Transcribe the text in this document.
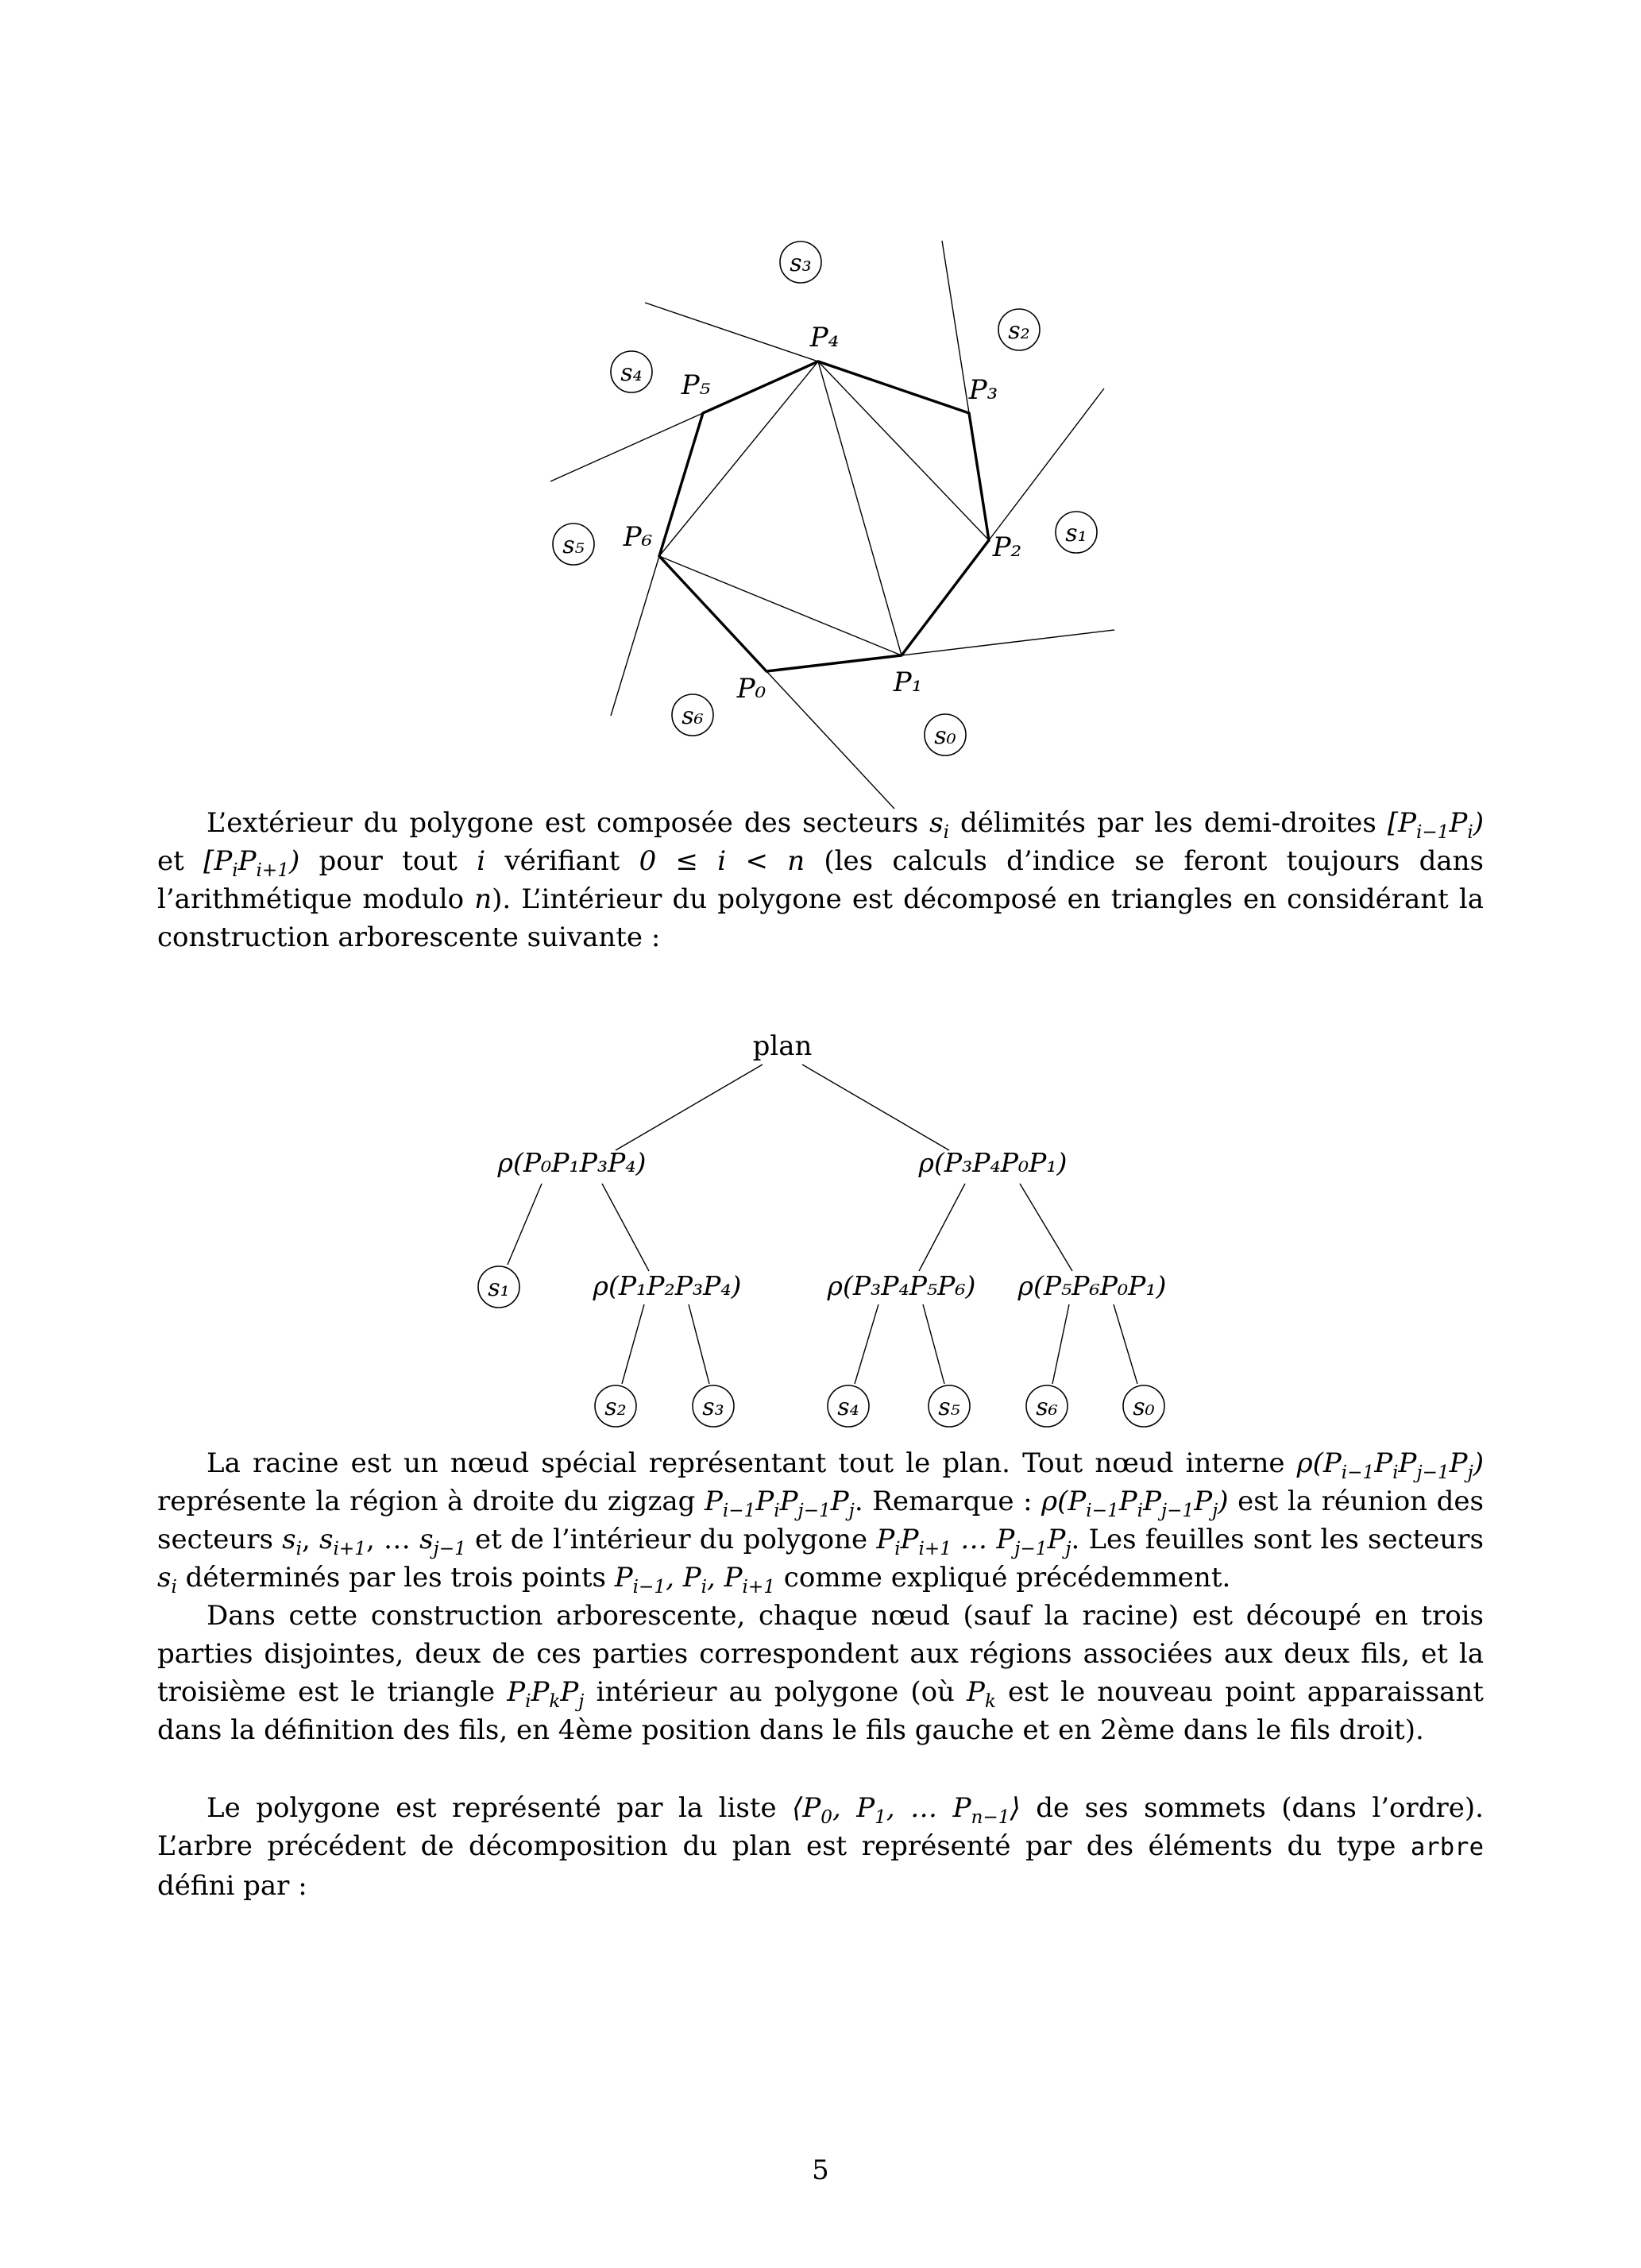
P₀	P₁
P₂
P₃
P₄
P₅
P₆
s₀
s₁
s₂
s₃
s₄
s₅
s₆
L’extérieur du polygone est composée des secteurs $s_i$ délimités par les demi-droites $[P_{i-1}P_i)$ et $[P_iP_{i+1})$ pour tout i vérifiant 0 ≤ i < n (les calculs d’indice se feront toujours dans l’arithmétique modulo n). L’intérieur du polygone est décomposé en triangles en considérant la construction arborescente suivante :
plan
ρ(P₀P₁P₃P₄)	ρ(P₃P₄P₀P₁)
s₁	ρ(P₁P₂P₃P₄)	ρ(P₃P₄P₅P₆) ρ(P₅P₆P₀P₁)
s₂	s₃	s₄	s₅	s₆	s₀
La racine est un nœud spécial représentant tout le plan. Tout nœud interne $\rho(P_{i-1}P_iP_{j-1}P_j)$ représente la région à droite du zigzag $P_{i-1}P_iP_{j-1}P_j$. Remarque : $\rho(P_{i-1}P_iP_{j-1}P_j)$ est la réunion des secteurs $s_i$, $s_{i+1}$, … $s_{j-1}$ et de l’intérieur du polygone $P_iP_{i+1}$ … $P_{j-1}P_j$. Les feuilles sont les secteurs $s_i$ déterminés par les trois points $P_{i-1}$, $P_i$, $P_{i+1}$ comme expliqué précédemment.
Dans cette construction arborescente, chaque nœud (sauf la racine) est découpé en trois parties disjointes, deux de ces parties correspondent aux régions associées aux deux fils, et la troisième est le triangle $P_iP_kP_j$ intérieur au polygone (où $P_k$ est le nouveau point apparaissant dans la définition des fils, en 4ème position dans le fils gauche et en 2ème dans le fils droit).
Le polygone est représenté par la liste $⟨P_0$, $P_1$, … $P_{n-1}⟩$ de ses sommets (dans l’ordre). L’arbre précédent de décomposition du plan est représenté par des éléments du type arbre défini par :
5
